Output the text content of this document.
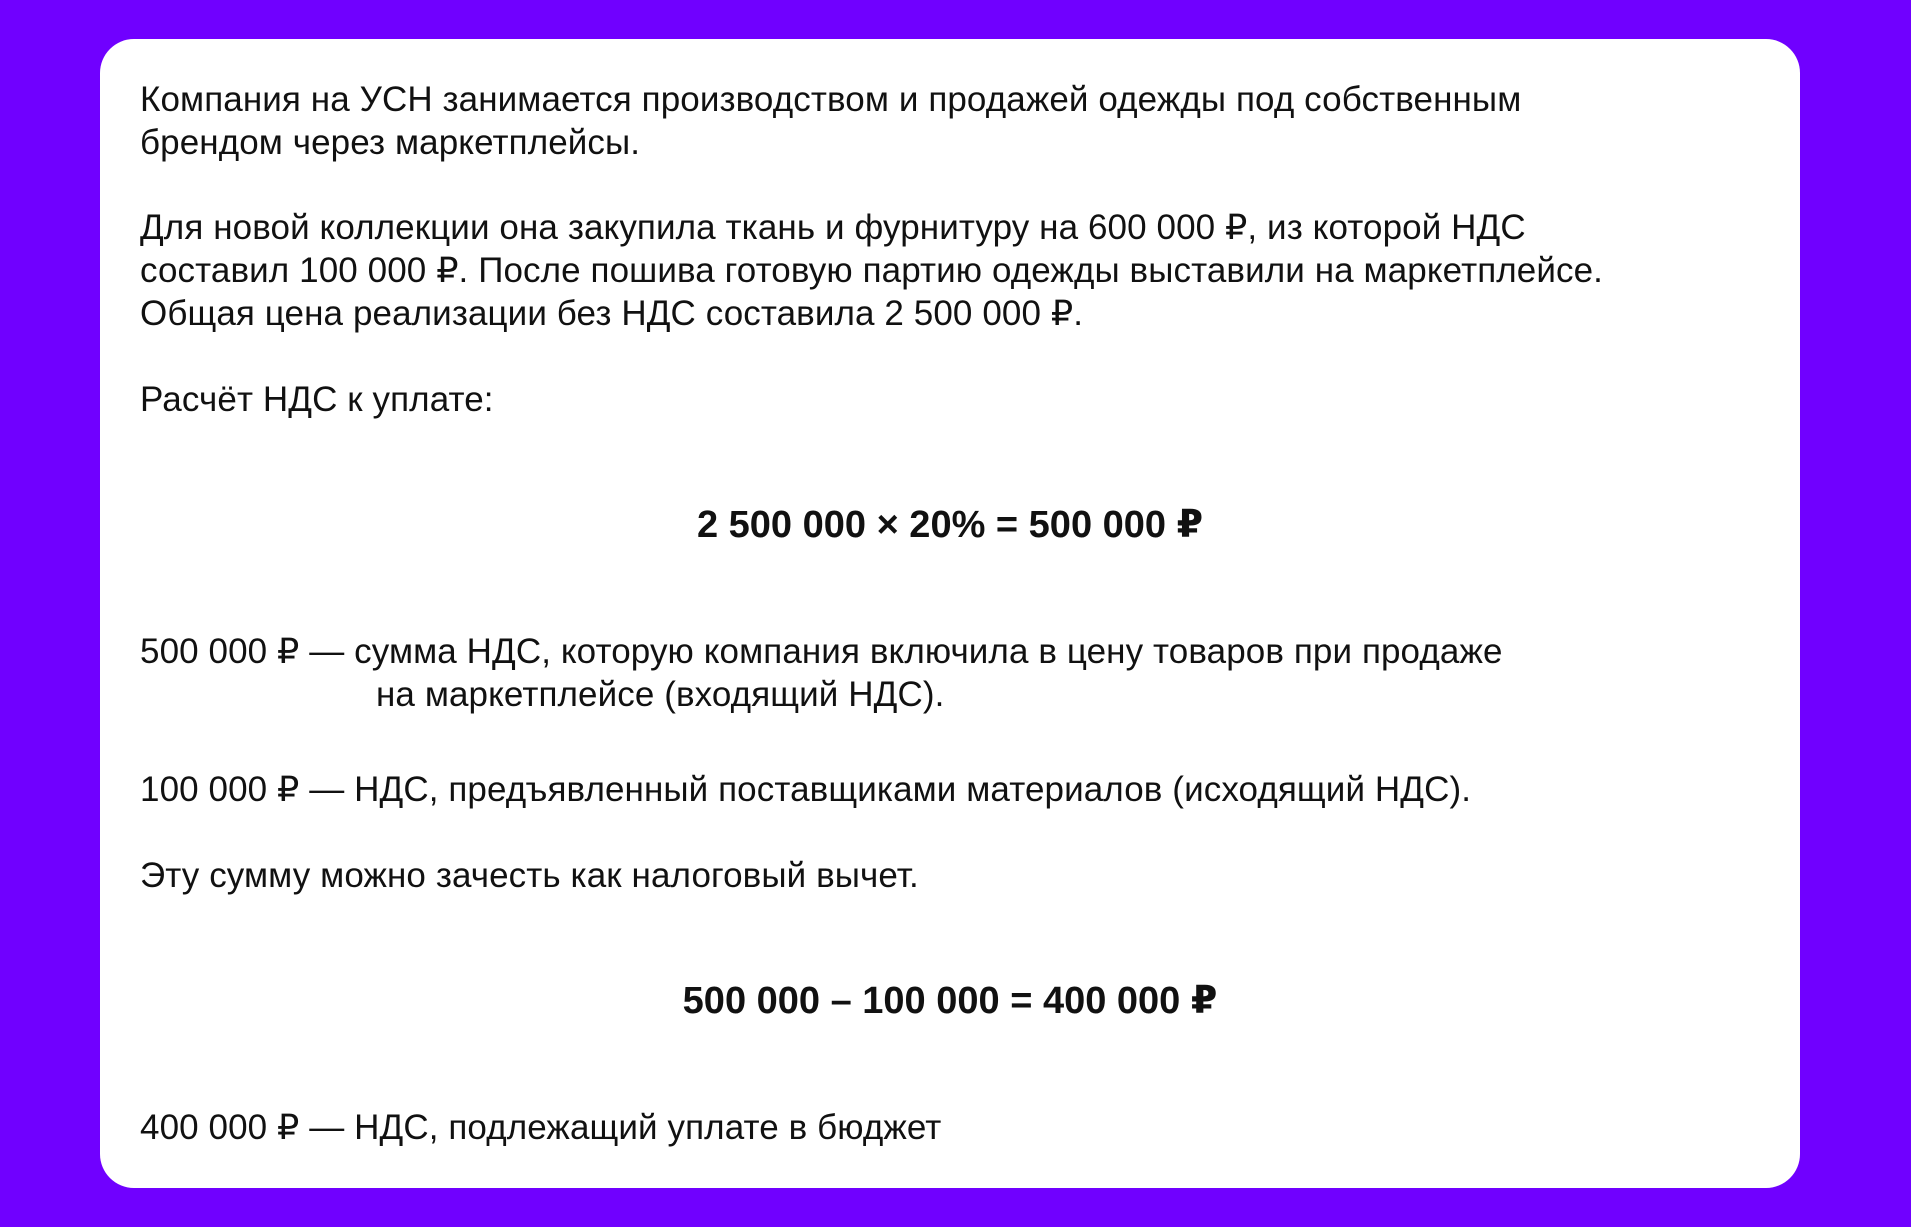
Компания на УСН занимается производством и продажей одежды под собственным
брендом через маркетплейсы.
Для новой коллекции она закупила ткань и фурнитуру на 600 000 ₽, из которой НДС
составил 100 000 ₽. После пошива готовую партию одежды выставили на маркетплейсе.
Общая цена реализации без НДС составила 2 500 000 ₽.
Расчёт НДС к уплате:
2 500 000 × 20% = 500 000 ₽
500 000 ₽ — сумма НДС, которую компания включила в цену товаров при продаже
на маркетплейсе (входящий НДС).
100 000 ₽ — НДС, предъявленный поставщиками материалов (исходящий НДС).
Эту сумму можно зачесть как налоговый вычет.
500 000 – 100 000 = 400 000 ₽
400 000 ₽ — НДС, подлежащий уплате в бюджет
